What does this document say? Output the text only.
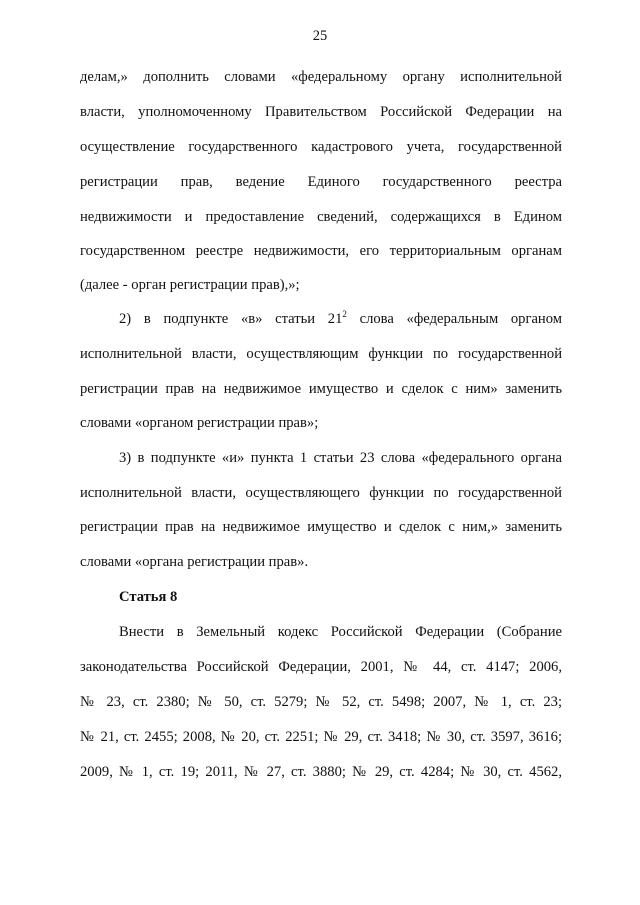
25
делам,» дополнить словами «федеральному органу исполнительной
власти, уполномоченному Правительством Российской Федерации на
осуществление государственного кадастрового учета, государственной
регистрации прав, ведение Единого государственного реестра
недвижимости и предоставление сведений, содержащихся в Едином
государственном реестре недвижимости, его территориальным органам
(далее - орган регистрации прав),»;
2) в подпункте «в» статьи $21^2$ слова «федеральным органом
исполнительной власти, осуществляющим функции по государственной
регистрации прав на недвижимое имущество и сделок с ним» заменить
словами «органом регистрации прав»;
3) в подпункте «и» пункта 1 статьи 23 слова «федерального органа
исполнительной власти, осуществляющего функции по государственной
регистрации прав на недвижимое имущество и сделок с ним,» заменить
словами «органа регистрации прав».
Статья 8
Внести в Земельный кодекс Российской Федерации (Собрание
законодательства Российской Федерации, 2001, № 44, ст. 4147; 2006,
№ 23, ст. 2380; № 50, ст. 5279; № 52, ст. 5498; 2007, № 1, ст. 23;
№ 21, ст. 2455; 2008, № 20, ст. 2251; № 29, ст. 3418; № 30, ст. 3597, 3616;
2009, № 1, ст. 19; 2011, № 27, ст. 3880; № 29, ст. 4284; № 30, ст. 4562,
